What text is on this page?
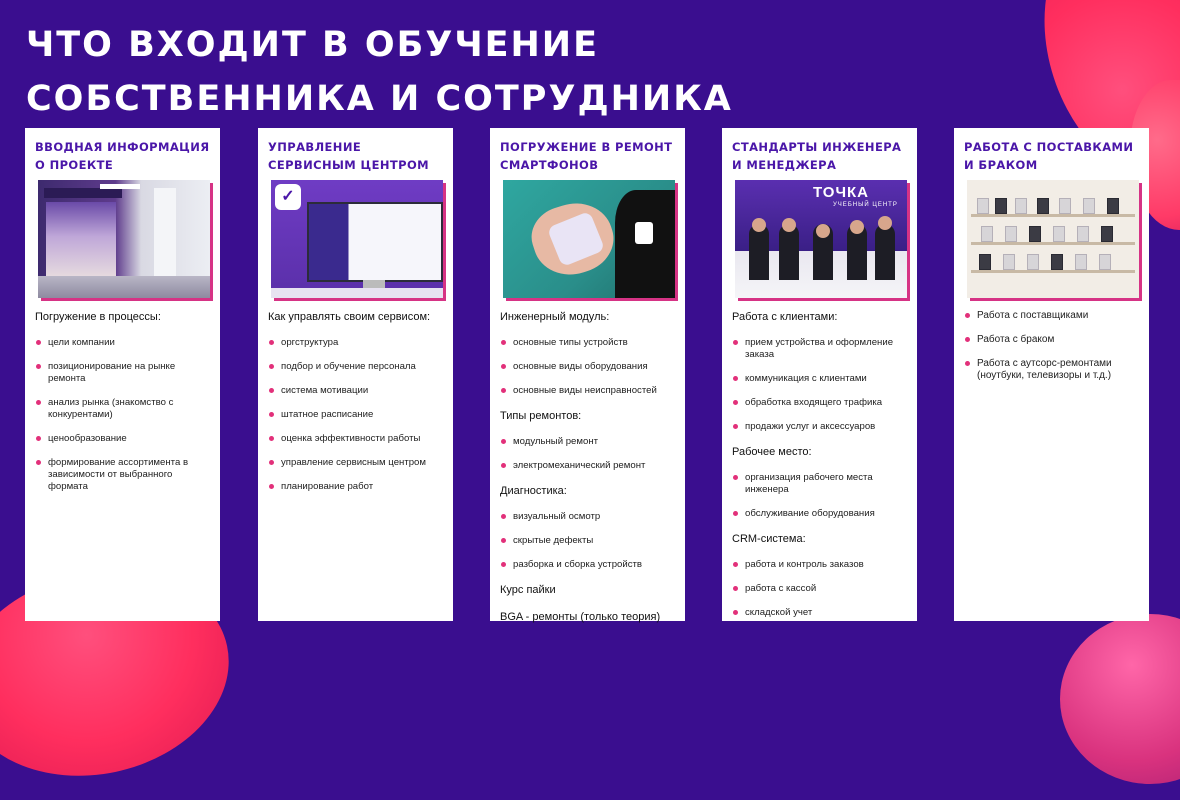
ЧТО ВХОДИТ В ОБУЧЕНИЕ
СОБСТВЕННИКА И СОТРУДНИКА
ВВОДНАЯ ИНФОРМАЦИЯ О ПРОЕКТЕ
Погружение в процессы:
цели компании
позиционирование на рынке ремонта
анализ рынка (знакомство с конкурентами)
ценообразование
формирование ассортимента в зависимости от выбранного формата
УПРАВЛЕНИЕ СЕРВИСНЫМ ЦЕНТРОМ
✓
Как управлять своим сервисом:
оргструктура
подбор и обучение персонала
система мотивации
штатное расписание
оценка эффективности работы
управление сервисным центром
планирование работ
ПОГРУЖЕНИЕ В РЕМОНТ СМАРТФОНОВ
Инженерный модуль:
основные типы устройств
основные виды оборудования
основные виды неисправностей
Типы ремонтов:
модульный ремонт
электромеханический ремонт
Диагностика:
визуальный осмотр
скрытые дефекты
разборка и сборка устройств
Курс пайки
BGA - ремонты (только теория)
СТАНДАРТЫ ИНЖЕНЕРА И МЕНЕДЖЕРА
ТОЧКА
УЧЕБНЫЙ ЦЕНТР
Работа с клиентами:
прием устройства и оформление заказа
коммуникация с клиентами
обработка входящего трафика
продажи услуг и аксессуаров
Рабочее место:
организация рабочего места инженера
обслуживание оборудования
CRM-система:
работа и контроль заказов
работа с кассой
складской учет
РАБОТА С ПОСТАВКАМИ И БРАКОМ
Работа с поставщиками
Работа с браком
Работа с аутсорс-ремонтами (ноутбуки, телевизоры и т.д.)
